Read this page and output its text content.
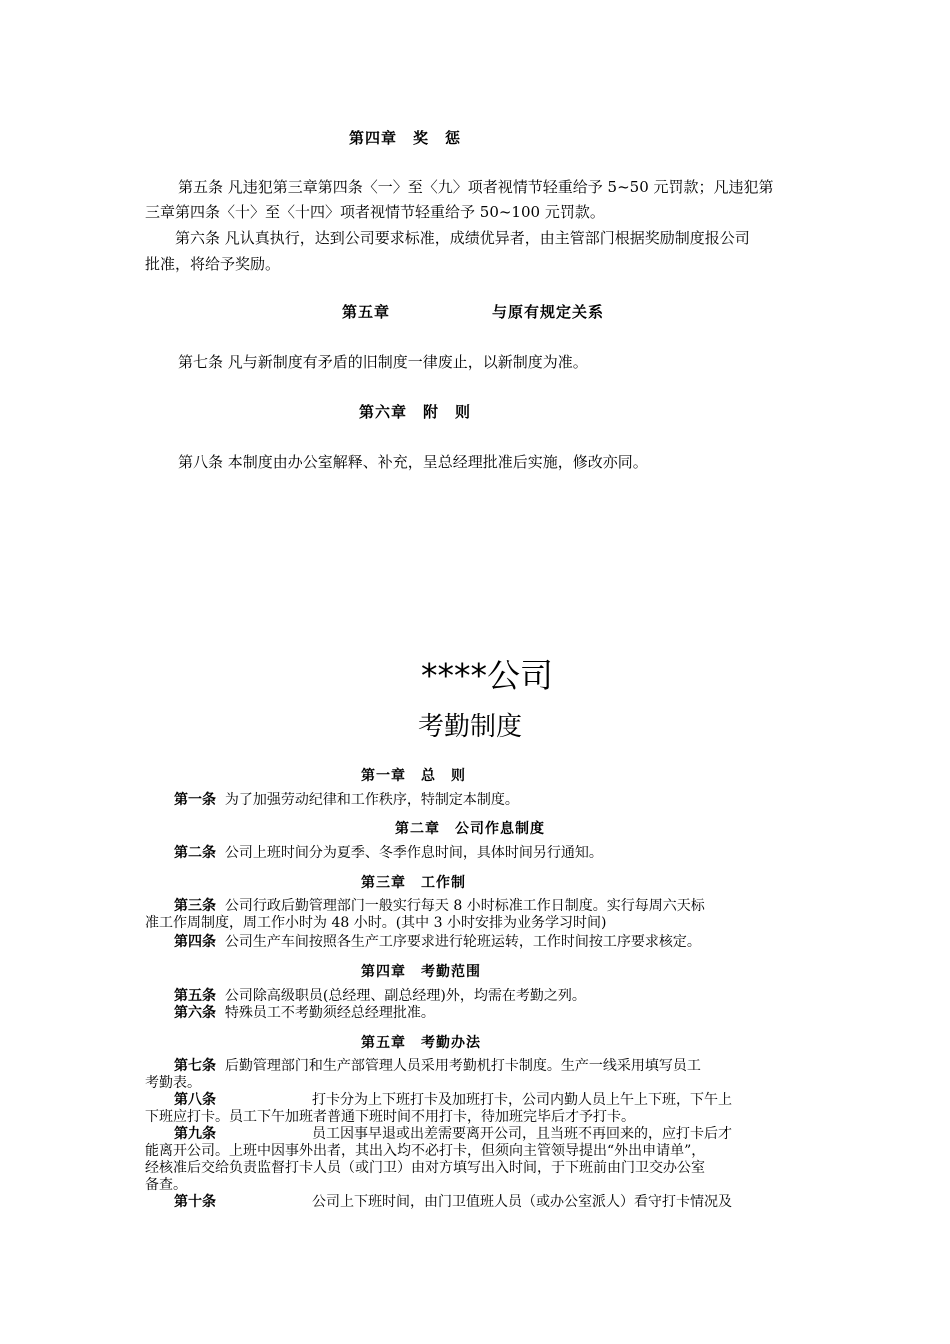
第四章　奖　惩
第五条 凡违犯第三章第四条〈一〉至〈九〉项者视情节轻重给予 5~50 元罚款；凡违犯第
三章第四条〈十〉至〈十四〉项者视情节轻重给予 50~100 元罚款。
第六条 凡认真执行，达到公司要求标准，成绩优异者，由主管部门根据奖励制度报公司
批准，将给予奖励。
第五章	与原有规定关系
第七条 凡与新制度有矛盾的旧制度一律废止，以新制度为准。
第六章　附　则
第八条 本制度由办公室解释、补充，呈总经理批准后实施，修改亦同。
****公司
考勤制度
第一章　总　则
第一条 为了加强劳动纪律和工作秩序，特制定本制度。
第二章　公司作息制度
第二条 公司上班时间分为夏季、冬季作息时间，具体时间另行通知。
第三章　工作制
第三条 公司行政后勤管理部门一般实行每天 8 小时标准工作日制度。实行每周六天标
准工作周制度，周工作小时为 48 小时。(其中 3 小时安排为业务学习时间)
第四条 公司生产车间按照各生产工序要求进行轮班运转，工作时间按工序要求核定。
第四章　考勤范围
第五条 公司除高级职员(总经理、副总经理)外，均需在考勤之列。
第六条 特殊员工不考勤须经总经理批准。
第五章　考勤办法
第七条 后勤管理部门和生产部管理人员采用考勤机打卡制度。生产一线采用填写员工
考勤表。
第八条	打卡分为上下班打卡及加班打卡，公司内勤人员上午上下班，下午上
下班应打卡。员工下午加班者普通下班时间不用打卡，待加班完毕后才予打卡。
第九条	员工因事早退或出差需要离开公司，且当班不再回来的，应打卡后才
能离开公司。上班中因事外出者，其出入均不必打卡，但须向主管领导提出“外出申请单”，
经核准后交给负责监督打卡人员（或门卫）由对方填写出入时间，于下班前由门卫交办公室
备查。
第十条	公司上下班时间，由门卫值班人员（或办公室派人）看守打卡情况及
